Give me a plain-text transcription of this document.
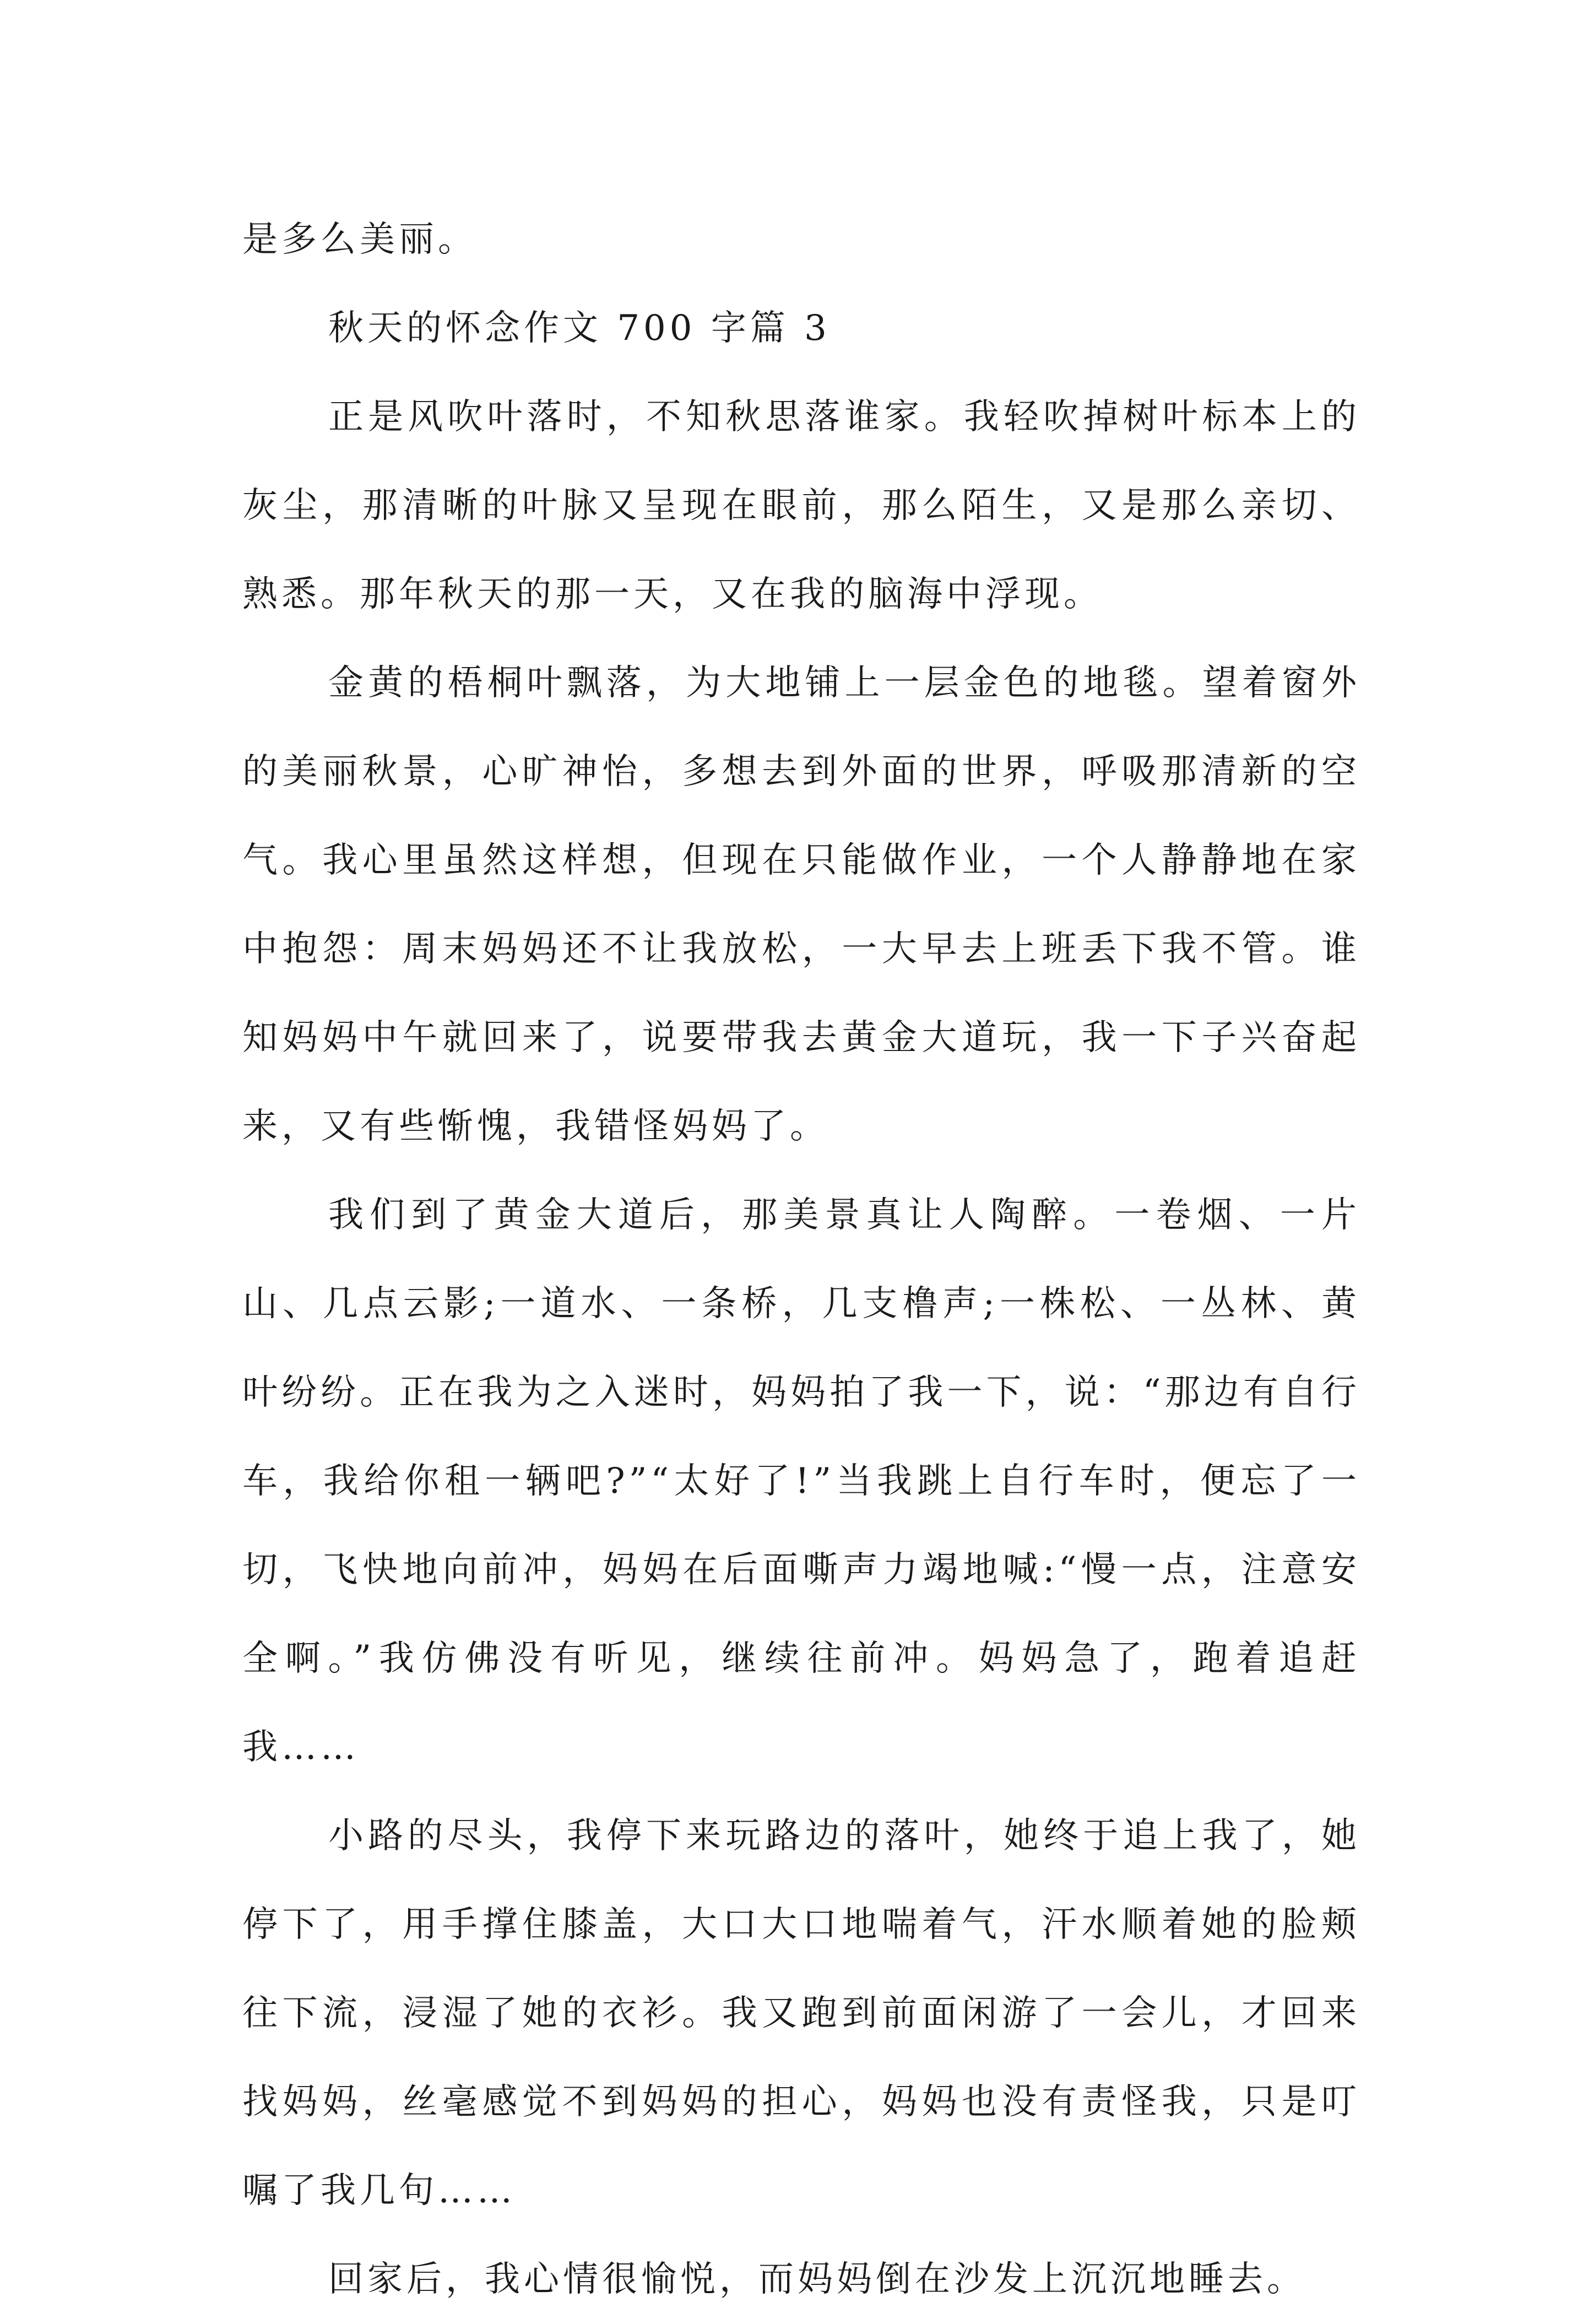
是多么美丽。

秋天的怀念作文 700 字篇 3

正是风吹叶落时，不知秋思落谁家。我轻吹掉树叶标本上的灰尘，那清晰的叶脉又呈现在眼前，那么陌生，又是那么亲切、熟悉。那年秋天的那一天，又在我的脑海中浮现。

金黄的梧桐叶飘落，为大地铺上一层金色的地毯。望着窗外的美丽秋景，心旷神怡，多想去到外面的世界，呼吸那清新的空气。我心里虽然这样想，但现在只能做作业，一个人静静地在家中抱怨：周末妈妈还不让我放松，一大早去上班丢下我不管。谁知妈妈中午就回来了，说要带我去黄金大道玩，我一下子兴奋起来，又有些惭愧，我错怪妈妈了。

我们到了黄金大道后，那美景真让人陶醉。一卷烟、一片山、几点云影;一道水、一条桥，几支橹声;一株松、一丛林、黄叶纷纷。正在我为之入迷时，妈妈拍了我一下，说：“那边有自行车，我给你租一辆吧?”“太好了!”当我跳上自行车时，便忘了一切，飞快地向前冲，妈妈在后面嘶声力竭地喊:“慢一点，注意安全啊。”我仿佛没有听见，继续往前冲。妈妈急了，跑着追赶我……

小路的尽头，我停下来玩路边的落叶，她终于追上我了，她停下了，用手撑住膝盖，大口大口地喘着气，汗水顺着她的脸颊往下流，浸湿了她的衣衫。我又跑到前面闲游了一会儿，才回来找妈妈，丝毫感觉不到妈妈的担心，妈妈也没有责怪我，只是叮嘱了我几句……

回家后，我心情很愉悦，而妈妈倒在沙发上沉沉地睡去。
